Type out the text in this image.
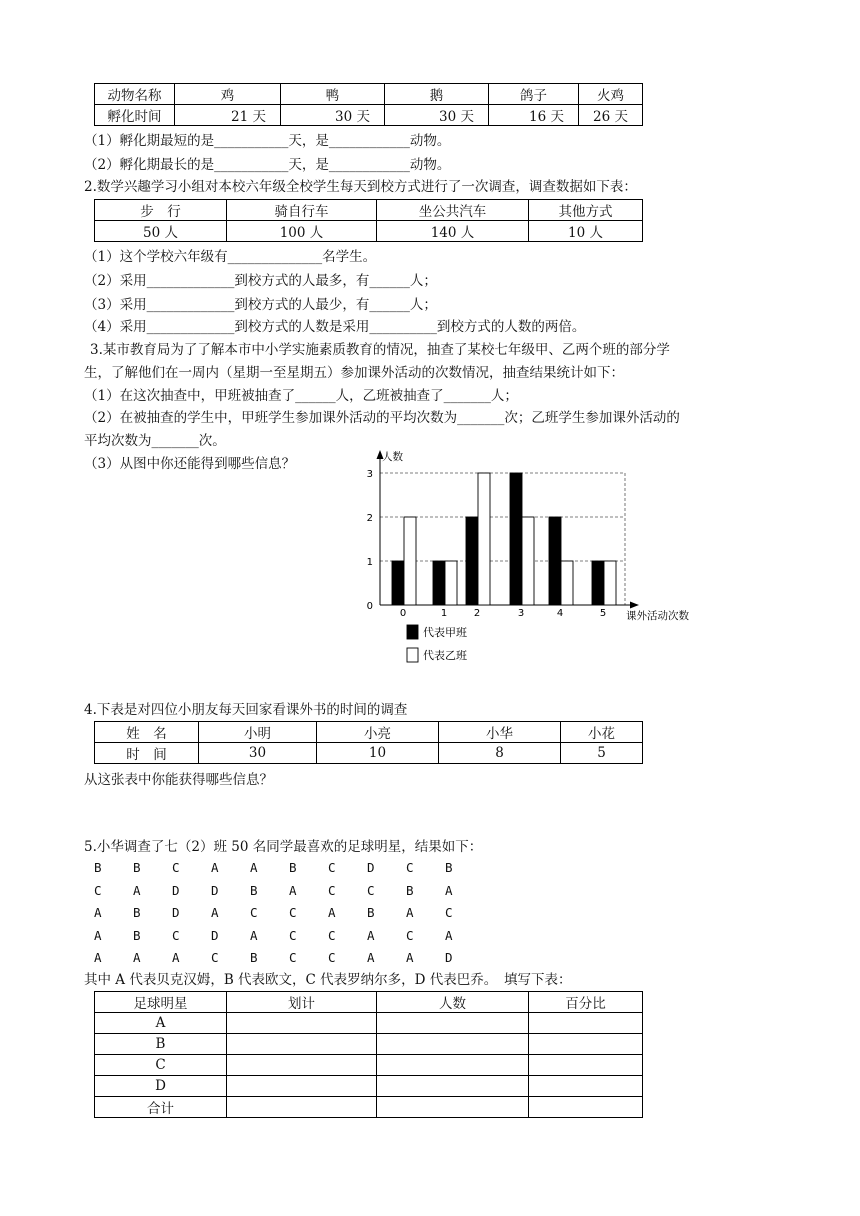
动物名称	鸡	鸭	鹅	鸽子	火鸡
孵化时间	21 天	30 天	30 天	16 天	26 天
（1）孵化期最短的是___________天，是____________动物。
（2）孵化期最长的是___________天，是____________动物。
2.数学兴趣学习小组对本校六年级全校学生每天到校方式进行了一次调查，调查数据如下表：
步　行	骑自行车	坐公共汽车	其他方式
50 人	100 人	140 人	10 人
（1）这个学校六年级有______________名学生。
（2）采用_____________到校方式的人最多，有______人；
（3）采用_____________到校方式的人最少，有______人；
（4）采用_____________到校方式的人数是采用__________到校方式的人数的两倍。
3.某市教育局为了了解本市中小学实施素质教育的情况，抽查了某校七年级甲、乙两个班的部分学
生，了解他们在一周内（星期一至星期五）参加课外活动的次数情况，抽查结果统计如下：
（1）在这次抽查中，甲班被抽查了______人，乙班被抽查了_______人；
（2）在被抽查的学生中，甲班学生参加课外活动的平均次数为_______次；乙班学生参加课外活动的
平均次数为_______次。
（3）从图中你还能得到哪些信息？
0
1
2
3
人数
课外活动次数
0	1	2	3	4	5
代表甲班
代表乙班
4.下表是对四位小朋友每天回家看课外书的时间的调查
姓　名	小明	小亮	小华	小花
时　间	30	10	8	5
从这张表中你能获得哪些信息？
5.小华调查了七（2）班 50 名同学最喜欢的足球明星，结果如下：
B	B	C	A	A	B	C	D	C	B
C	A	D	D	B	A	C	C	B	A
A	B	D	A	C	C	A	B	A	C
A	B	C	D	A	C	C	A	C	A
A	A	A	C	B	C	C	A	A	D
其中 A 代表贝克汉姆，B 代表欧文，C 代表罗纳尔多，D 代表巴乔。　填写下表：
足球明星	划计	人数	百分比
A			
B			
C			
D			
合计			
